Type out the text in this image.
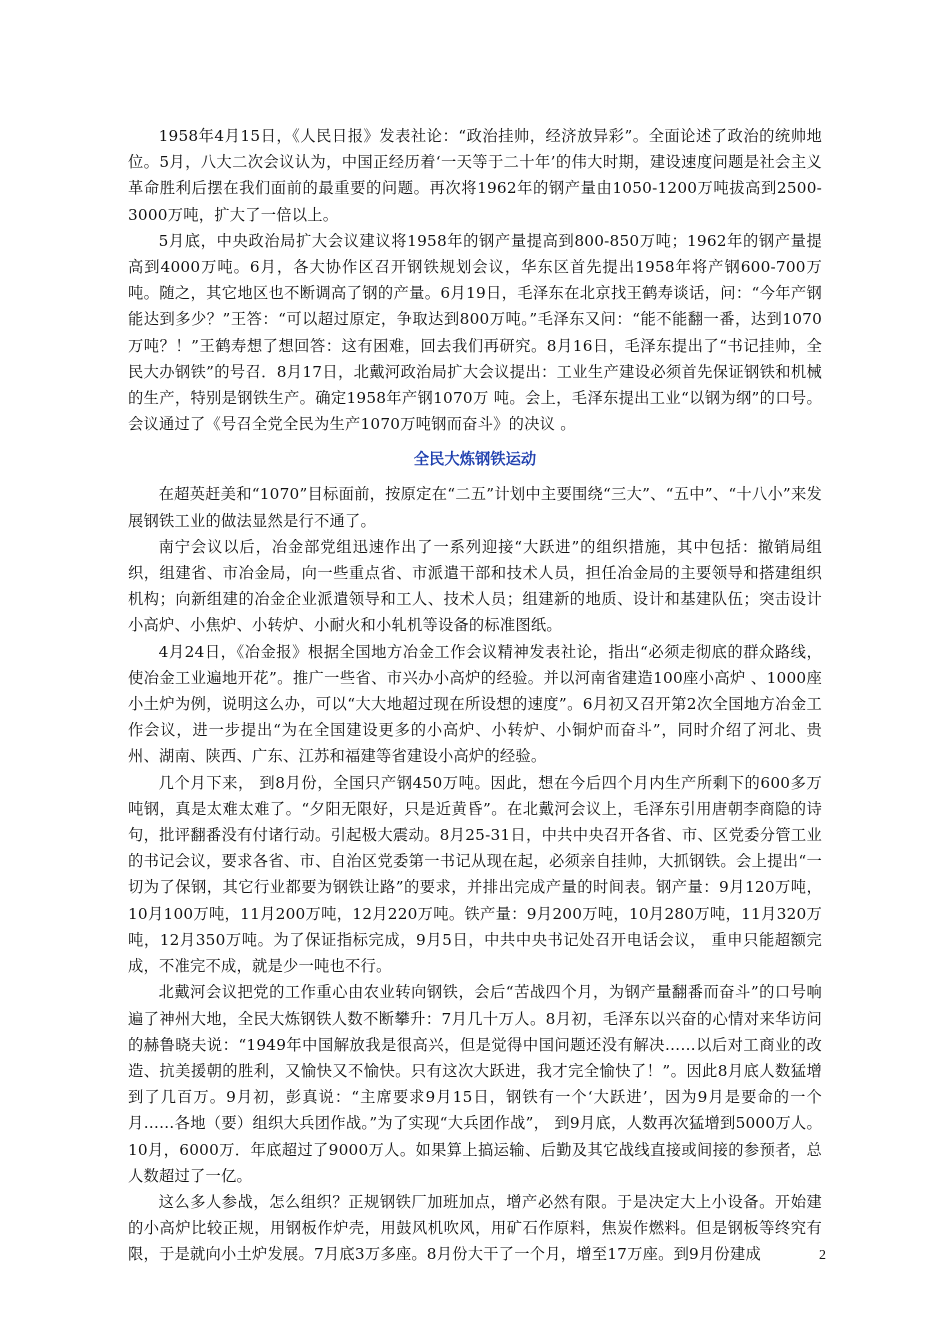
1958年4月15日，《人民日报》发表社论：“政治挂帅，经济放异彩”。全面论述了政治的统帅地位。5月，八大二次会议认为，中国正经历着‘一天等于二十年’的伟大时期，建设速度问题是社会主义革命胜利后摆在我们面前的最重要的问题。再次将1962年的钢产量由1050-1200万吨拔高到2500-3000万吨，扩大了一倍以上。

5月底，中央政治局扩大会议建议将1958年的钢产量提高到800-850万吨；1962年的钢产量提高到4000万吨。6月，各大协作区召开钢铁规划会议，华东区首先提出1958年将产钢600-700万吨。随之，其它地区也不断调高了钢的产量。6月19日，毛泽东在北京找王鹤寿谈话，问：“今年产钢能达到多少？”王答：“可以超过原定，争取达到800万吨。”毛泽东又问：“能不能翻一番，达到1070万吨？！”王鹤寿想了想回答：这有困难，回去我们再研究。8月16日，毛泽东提出了“书记挂帅，全民大办钢铁”的号召．8月17日，北戴河政治局扩大会议提出：工业生产建设必须首先保证钢铁和机械的生产，特别是钢铁生产。确定1958年产钢1070万 吨。会上，毛泽东提出工业“以钢为纲”的口号。会议通过了《号召全党全民为生产1070万吨钢而奋斗》的决议 。

全民大炼钢铁运动

在超英赶美和“1070”目标面前，按原定在“二五”计划中主要围绕“三大”、“五中”、“十八小”来发展钢铁工业的做法显然是行不通了。

南宁会议以后，冶金部党组迅速作出了一系列迎接“大跃进”的组织措施，其中包括：撤销局组织，组建省、市冶金局，向一些重点省、市派遣干部和技术人员，担任冶金局的主要领导和搭建组织机构；向新组建的冶金企业派遣领导和工人、技术人员；组建新的地质、设计和基建队伍；突击设计小高炉、小焦炉、小转炉、小耐火和小轧机等设备的标准图纸。

4月24日，《冶金报》根据全国地方冶金工作会议精神发表社论，指出“必须走彻底的群众路线，使冶金工业遍地开花”。推广一些省、市兴办小高炉的经验。并以河南省建造100座小高炉 、1000座小土炉为例，说明这么办，可以“大大地超过现在所设想的速度”。6月初又召开第2次全国地方冶金工作会议，进一步提出“为在全国建设更多的小高炉、小转炉、小铜炉而奋斗”，同时介绍了河北、贵州、湖南、陕西、广东、江苏和福建等省建设小高炉的经验。

几个月下来， 到8月份，全国只产钢450万吨。因此，想在今后四个月内生产所剩下的600多万吨钢，真是太难太难了。“夕阳无限好，只是近黄昏”。在北戴河会议上，毛泽东引用唐朝李商隐的诗句，批评翻番没有付诸行动。引起极大震动。8月25-31日，中共中央召开各省、市、区党委分管工业的书记会议，要求各省、市、自治区党委第一书记从现在起，必须亲自挂帅，大抓钢铁。会上提出“一切为了保钢，其它行业都要为钢铁让路”的要求，并排出完成产量的时间表。钢产量：9月120万吨，10月100万吨，11月200万吨，12月220万吨。铁产量：9月200万吨，10月280万吨，11月320万 吨，12月350万吨。为了保证指标完成，9月5日，中共中央书记处召开电话会议， 重申只能超额完成，不准完不成，就是少一吨也不行。

北戴河会议把党的工作重心由农业转向钢铁，会后“苦战四个月，为钢产量翻番而奋斗”的口号响遍了神州大地，全民大炼钢铁人数不断攀升：7月几十万人。8月初，毛泽东以兴奋的心情对来华访问的赫鲁晓夫说：“1949年中国解放我是很高兴，但是觉得中国问题还没有解决……以后对工商业的改造、抗美援朝的胜利，又愉快又不愉快。只有这次大跃进，我才完全愉快了！”。因此8月底人数猛增到了几百万。9月初，彭真说：“主席要求9月15日，钢铁有一个‘大跃进’，因为9月是要命的一个月……各地（要）组织大兵团作战。”为了实现“大兵团作战”， 到9月底，人数再次猛增到5000万人。10月，6000万．年底超过了9000万人。如果算上搞运输、后勤及其它战线直接或间接的参预者，总人数超过了一亿。

这么多人参战，怎么组织？正规钢铁厂加班加点，增产必然有限。于是决定大上小设备。开始建的小高炉比较正规，用钢板作炉壳，用鼓风机吹风，用矿石作原料，焦炭作燃料。但是钢板等终究有限，于是就向小土炉发展。7月底3万多座。8月份大干了一个月，增至17万座。到9月份建成	2
